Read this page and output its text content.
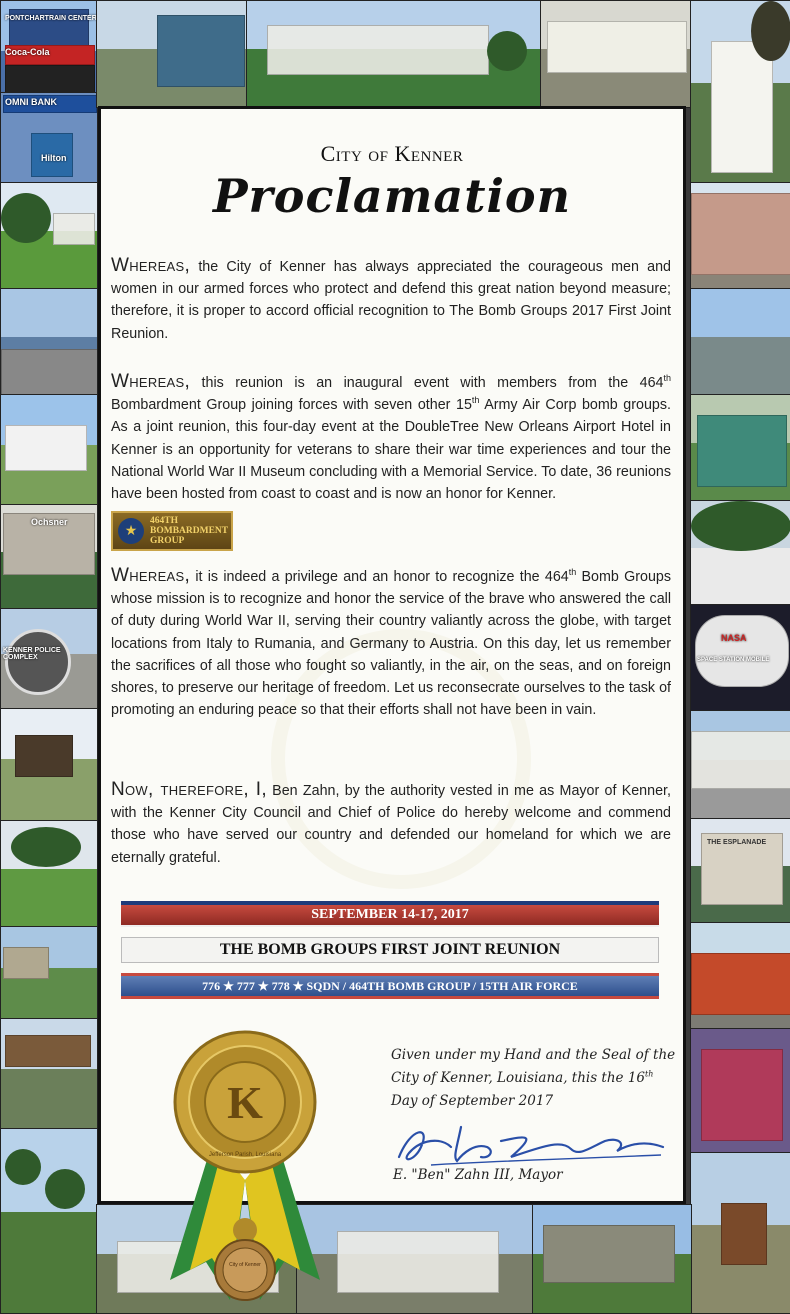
PONTCHARTRAIN CENTER
Coca-Cola
OMNI BANK
Hilton
Ochsner
KENNER POLICE COMPLEX
NASA
SPACE STATION MOBILE
THE ESPLANADE
City of Kenner
Proclamation

Whereas, the City of Kenner has always appreciated the courageous men and women in our armed forces who protect and defend this great nation beyond measure; therefore, it is proper to accord official recognition to The Bomb Groups 2017 First Joint Reunion.

Whereas, this reunion is an inaugural event with members from the 464th Bombardment Group joining forces with seven other 15th Army Air Corp bomb groups. As a joint reunion, this four-day event at the DoubleTree New Orleans Airport Hotel in Kenner is an opportunity for veterans to share their war time experiences and tour the National World War II Museum concluding with a Memorial Service. To date, 36 reunions have been hosted from coast to coast and is now an honor for Kenner.

★
464TH
BOMBARDMENT
GROUP

Whereas, it is indeed a privilege and an honor to recognize the 464th Bomb Groups whose mission is to recognize and honor the service of the brave who answered the call of duty during World War II, serving their country valiantly across the globe, with target locations from Italy to Rumania, and Germany to Austria. On this day, let us remember the sacrifices of all those who fought so valiantly, in the air, on the seas, and on foreign shores, to preserve our heritage of freedom. Let us reconsecrate ourselves to the task of promoting an enduring peace so that their efforts shall not have been in vain.

Now, therefore, I, Ben Zahn, by the authority vested in me as Mayor of Kenner, with the Kenner City Council and Chief of Police do hereby welcome and commend those who have served our country and defended our homeland for which we are eternally grateful.

SEPTEMBER 14-17, 2017
THE BOMB GROUPS FIRST JOINT REUNION
776 ★ 777 ★ 778 ★ SQDN / 464TH BOMB GROUP / 15TH AIR FORCE

Given under my Hand and the Seal of the City of Kenner, Louisiana, this the 16th Day of September 2017

E. "Ben" Zahn III, Mayor
K
Jefferson Parish, Louisiana
City of Kenner
